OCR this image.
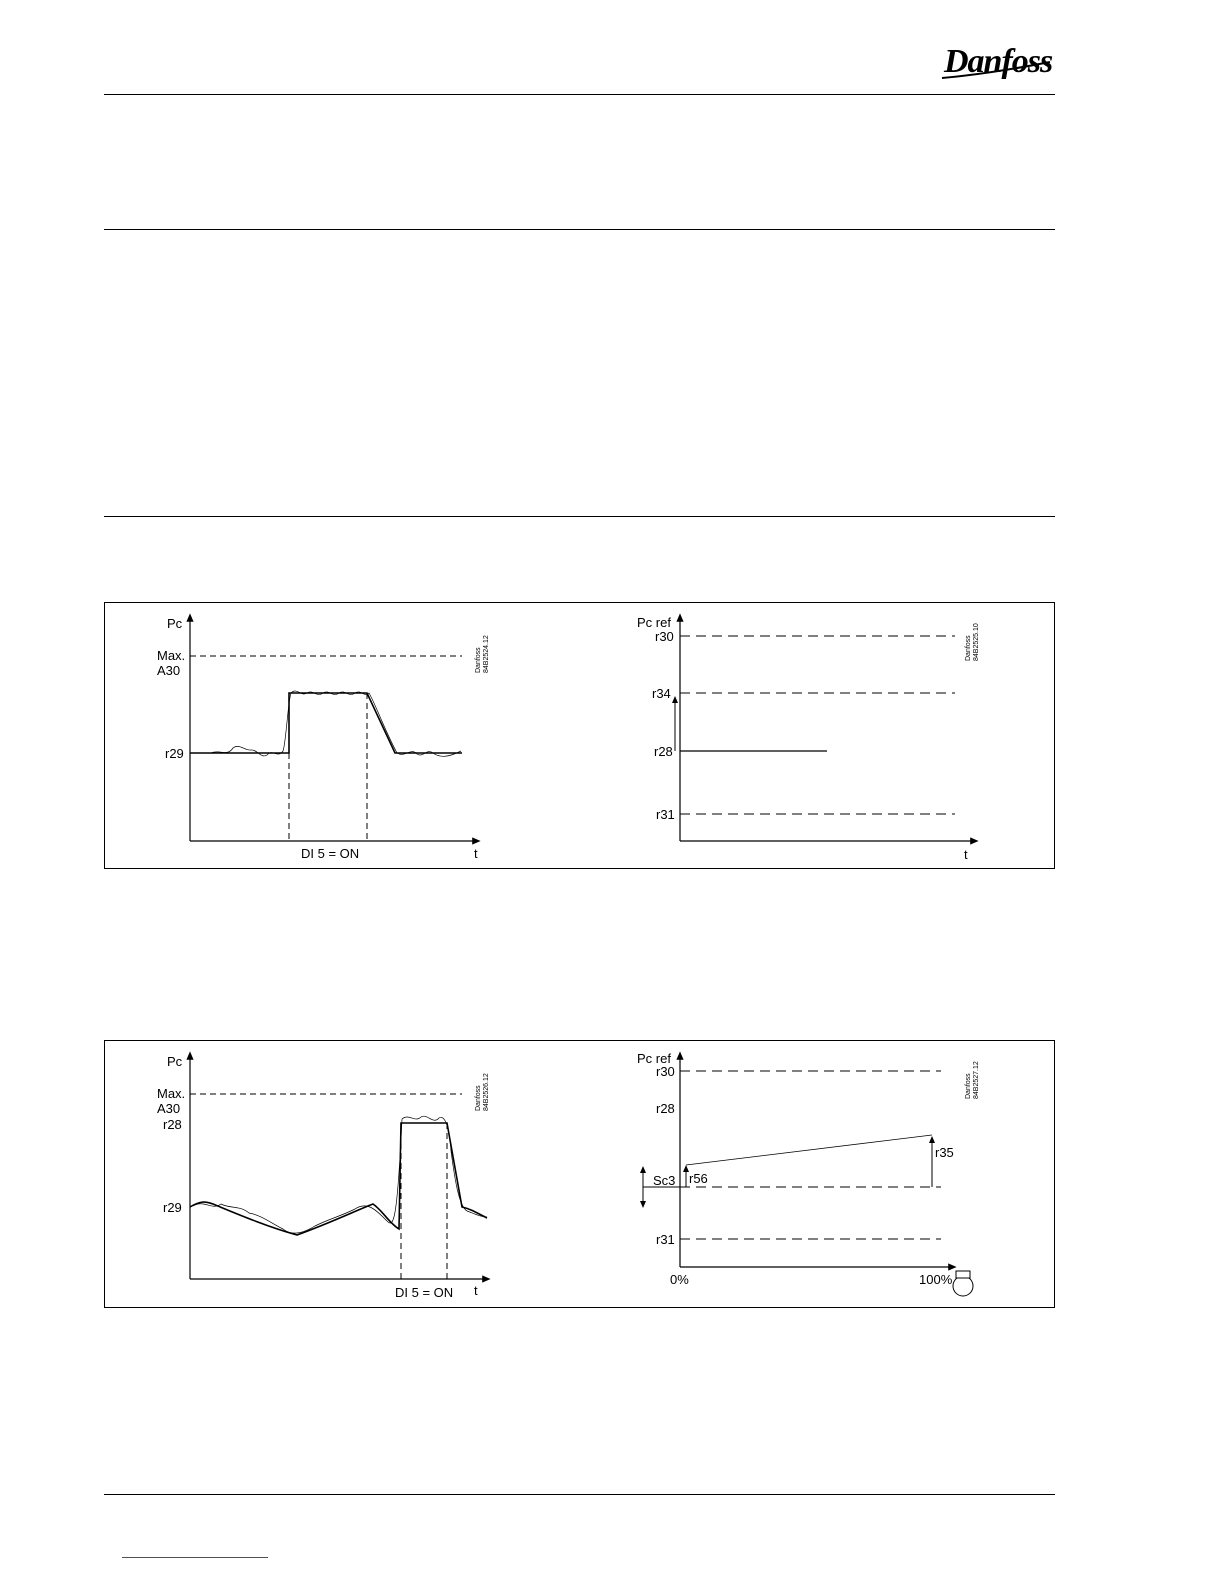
Danfoss
Pc
Max.
A30
r29
DI 5 = ON	t
Danfoss 84B2524.12
Pc ref
r30
r34
r28
r31
t
Danfoss 84B2525.10
Pc
Max.
A30
r28
r29
DI 5 = ON t
Danfoss 84B2526.12
Pc ref
r30
r28
r35
r56
Sc3
r31
0%	100%
Danfoss 84B2527.12
